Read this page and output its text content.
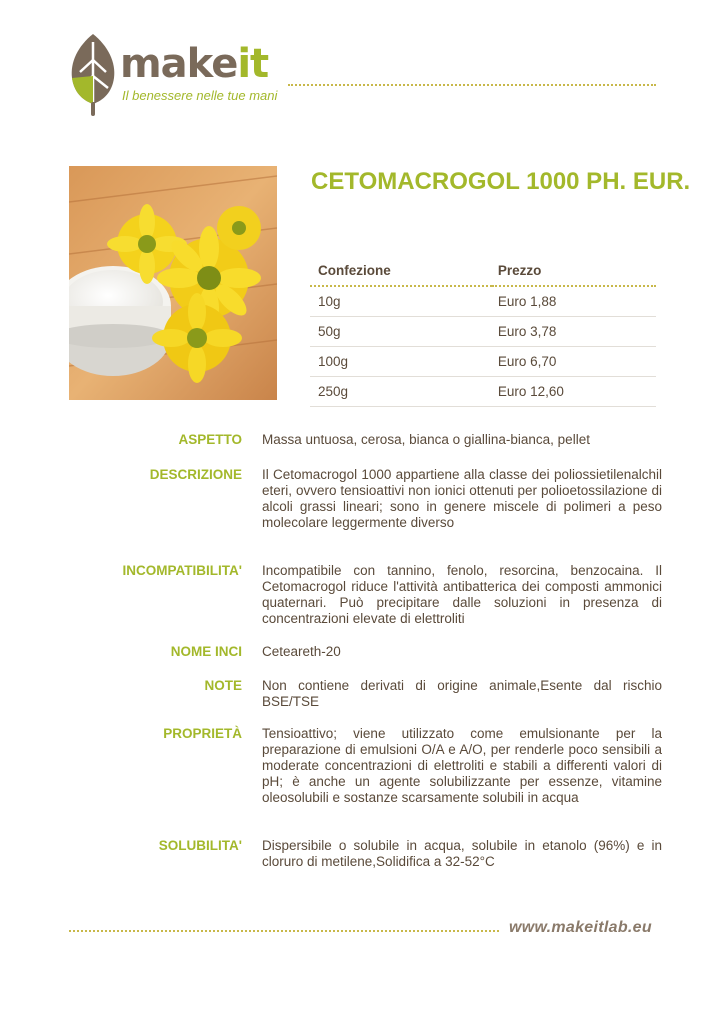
makeit
Il benessere nelle tue mani
CETOMACROGOL 1000 PH. EUR.
Confezione	Prezzo
10g	Euro 1,88
50g	Euro 3,78
100g	Euro 6,70
250g	Euro 12,60
ASPETTO Massa untuosa, cerosa, bianca o giallina-bianca, pellet
DESCRIZIONE Il Cetomacrogol 1000 appartiene alla classe dei poliossietilenalchil eteri, ovvero tensioattivi non ionici ottenuti per polioetossilazione di alcoli grassi lineari; sono in genere miscele di polimeri a peso molecolare leggermente diverso
INCOMPATIBILITA' Incompatibile con tannino, fenolo, resorcina, benzocaina. Il Cetomacrogol riduce l'attività antibatterica dei composti ammonici quaternari. Può precipitare dalle soluzioni in presenza di concentrazioni elevate di elettroliti
NOME INCI Ceteareth-20
NOTE Non contiene derivati di origine animale,Esente dal rischio BSE/TSE
PROPRIETÀ Tensioattivo; viene utilizzato come emulsionante per la preparazione di emulsioni O/A e A/O, per renderle poco sensibili a moderate concentrazioni di elettroliti e stabili a differenti valori di pH; è anche un agente solubilizzante per essenze, vitamine oleosolubili e sostanze scarsamente solubili in acqua
SOLUBILITA' Dispersibile o solubile in acqua, solubile in etanolo (96%) e in cloruro di metilene,Solidifica a 32-52°C
www.makeitlab.eu
